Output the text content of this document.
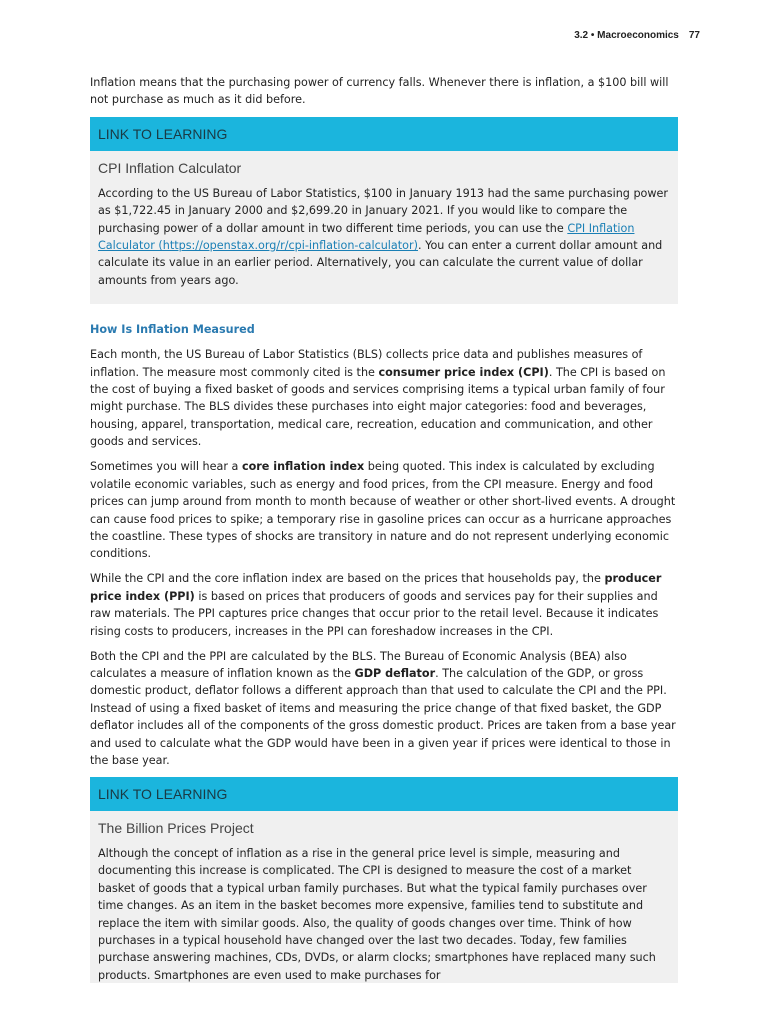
3.2 • Macroeconomics 77

Inflation means that the purchasing power of currency falls. Whenever there is inflation, a $100 bill will not purchase as much as it did before.

LINK TO LEARNING
CPI Inflation Calculator

According to the US Bureau of Labor Statistics, $100 in January 1913 had the same purchasing power as $1,722.45 in January 2000 and $2,699.20 in January 2021. If you would like to compare the purchasing power of a dollar amount in two different time periods, you can use the CPI Inflation Calculator (https://openstax.org/r/cpi-inflation-calculator). You can enter a current dollar amount and calculate its value in an earlier period. Alternatively, you can calculate the current value of dollar amounts from years ago.

How Is Inflation Measured

Each month, the US Bureau of Labor Statistics (BLS) collects price data and publishes measures of inflation. The measure most commonly cited is the consumer price index (CPI). The CPI is based on the cost of buying a fixed basket of goods and services comprising items a typical urban family of four might purchase. The BLS divides these purchases into eight major categories: food and beverages, housing, apparel, transportation, medical care, recreation, education and communication, and other goods and services.

Sometimes you will hear a core inflation index being quoted. This index is calculated by excluding volatile economic variables, such as energy and food prices, from the CPI measure. Energy and food prices can jump around from month to month because of weather or other short-lived events. A drought can cause food prices to spike; a temporary rise in gasoline prices can occur as a hurricane approaches the coastline. These types of shocks are transitory in nature and do not represent underlying economic conditions.

While the CPI and the core inflation index are based on the prices that households pay, the producer price index (PPI) is based on prices that producers of goods and services pay for their supplies and raw materials. The PPI captures price changes that occur prior to the retail level. Because it indicates rising costs to producers, increases in the PPI can foreshadow increases in the CPI.

Both the CPI and the PPI are calculated by the BLS. The Bureau of Economic Analysis (BEA) also calculates a measure of inflation known as the GDP deflator. The calculation of the GDP, or gross domestic product, deflator follows a different approach than that used to calculate the CPI and the PPI. Instead of using a fixed basket of items and measuring the price change of that fixed basket, the GDP deflator includes all of the components of the gross domestic product. Prices are taken from a base year and used to calculate what the GDP would have been in a given year if prices were identical to those in the base year.

LINK TO LEARNING
The Billion Prices Project

Although the concept of inflation as a rise in the general price level is simple, measuring and documenting this increase is complicated. The CPI is designed to measure the cost of a market basket of goods that a typical urban family purchases. But what the typical family purchases over time changes. As an item in the basket becomes more expensive, families tend to substitute and replace the item with similar goods. Also, the quality of goods changes over time. Think of how purchases in a typical household have changed over the last two decades. Today, few families purchase answering machines, CDs, DVDs, or alarm clocks; smartphones have replaced many such products. Smartphones are even used to make purchases for
